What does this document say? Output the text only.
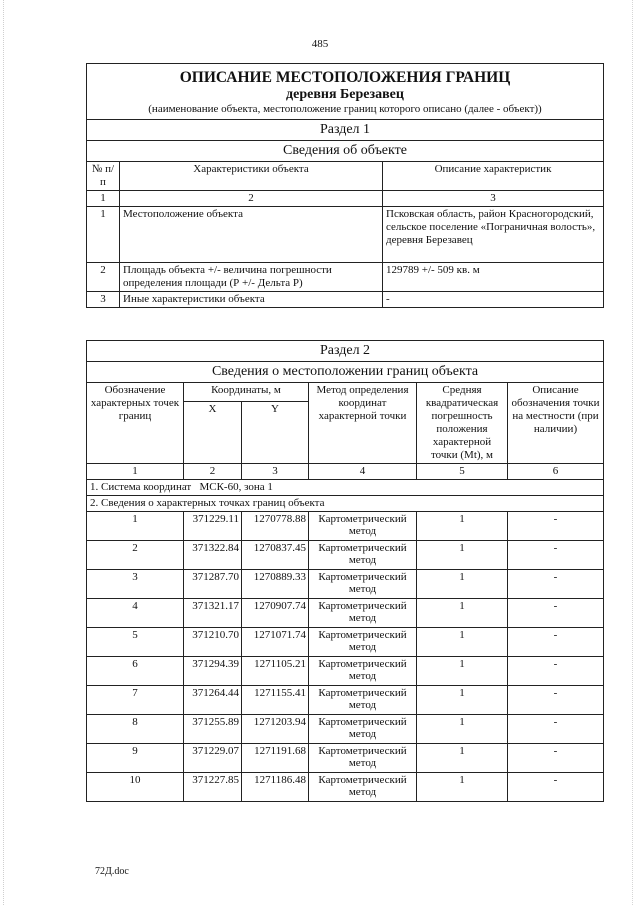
485
ОПИСАНИЕ МЕСТОПОЛОЖЕНИЯ ГРАНИЦ
деревня Березавец
(наименование объекта, местоположение границ которого описано (далее - объект))		

Раздел 1		
Сведения об объекте		
№ п/п	Характеристики объекта	Описание характеристик
1	2	3
1	Местоположение объекта	Псковская область, район Красногородский, сельское поселение «Пограничная волость», деревня Березавец
2	Площадь объекта +/- величина погрешности определения площади (Р +/- Дельта Р)	129789 +/- 509 кв. м
3	Иные характеристики объекта	-
Раздел 2					
Сведения о местоположении границ объекта					
Обозначение характерных точек границ	Координаты, м		Метод определения координат характерной точки	Средняя квадратическая погрешность положения характерной точки (Mt), м	Описание обозначения точки на местности (при наличии)
	X	Y			
1	2	3	4	5	6
1. Система координат   МСК-60, зона 1					
2. Сведения о характерных точках границ объекта					
1	371229.11	1270778.88	Картометрический метод	1	-
2	371322.84	1270837.45	Картометрический метод	1	-
3	371287.70	1270889.33	Картометрический метод	1	-
4	371321.17	1270907.74	Картометрический метод	1	-
5	371210.70	1271071.74	Картометрический метод	1	-
6	371294.39	1271105.21	Картометрический метод	1	-
7	371264.44	1271155.41	Картометрический метод	1	-
8	371255.89	1271203.94	Картометрический метод	1	-
9	371229.07	1271191.68	Картометрический метод	1	-
10	371227.85	1271186.48	Картометрический метод	1	-
72Д.doc
